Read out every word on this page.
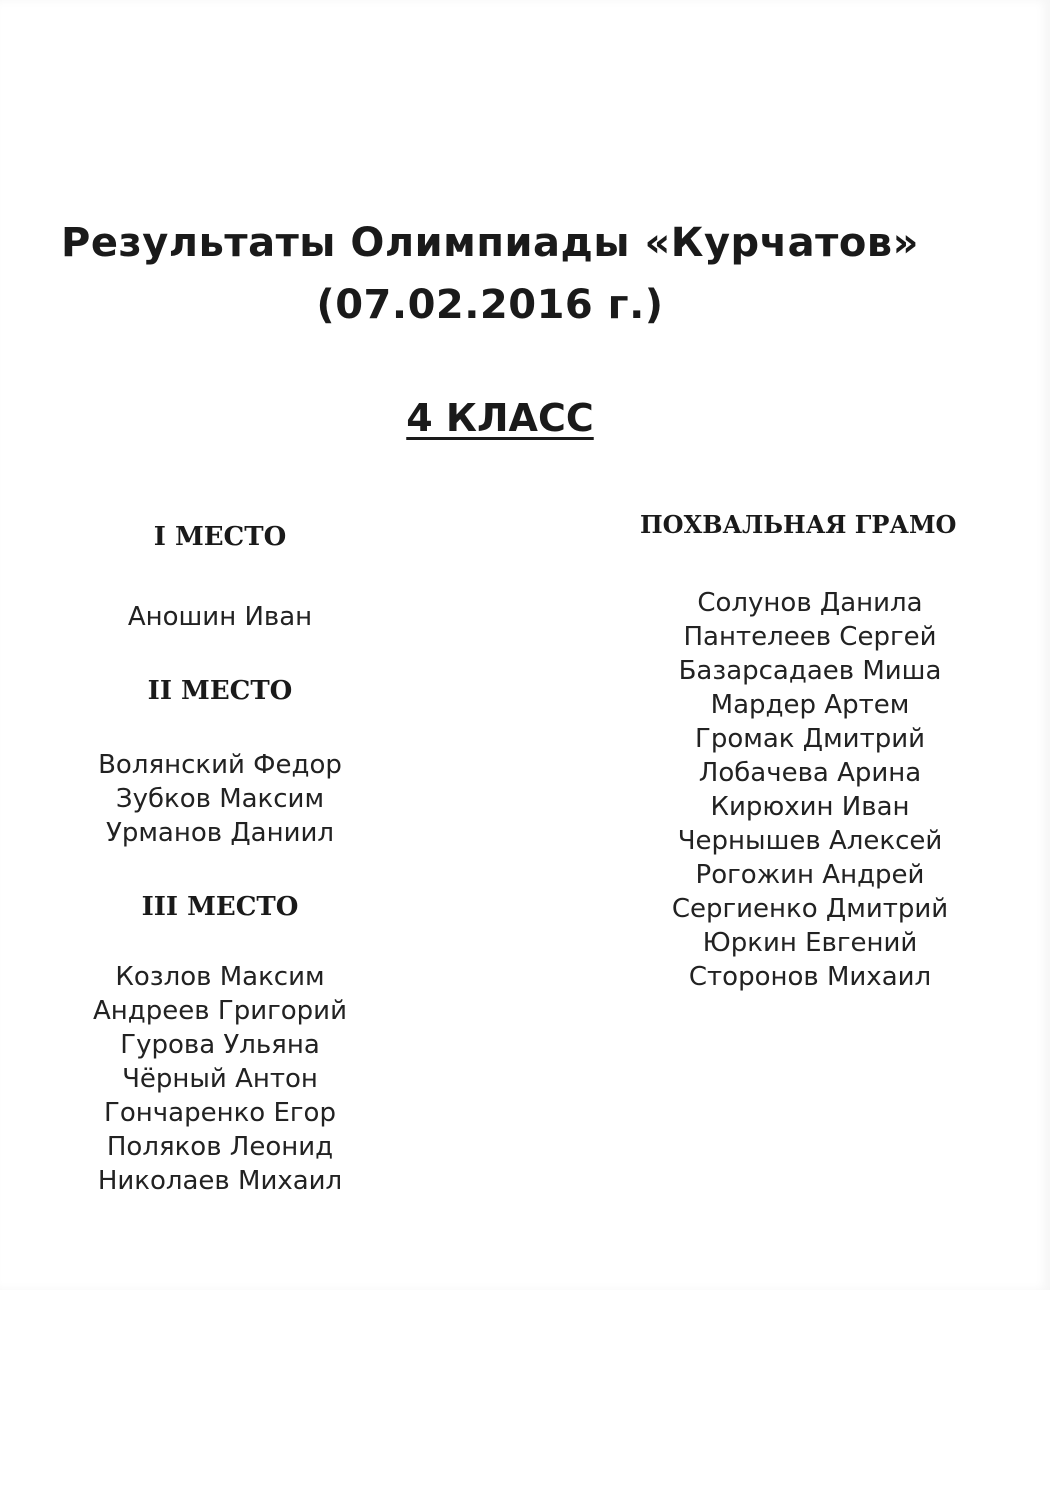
Результаты Олимпиады «Курчатов»
(07.02.2016 г.)
4 КЛАСС
I МЕСТО
Аношин Иван
II МЕСТО
Волянский Федор
Зубков Максим
Урманов Даниил
III МЕСТО
Козлов Максим
Андреев Григорий
Гурова Ульяна
Чёрный Антон
Гончаренко Егор
Поляков Леонид
Николаев Михаил
ПОХВАЛЬНАЯ ГРАМО
Солунов Данила
Пантелеев Сергей
Базарсадаев Миша
Мардер Артем
Громак Дмитрий
Лобачева Арина
Кирюхин Иван
Чернышев Алексей
Рогожин Андрей
Сергиенко Дмитрий
Юркин Евгений
Сторонов Михаил
